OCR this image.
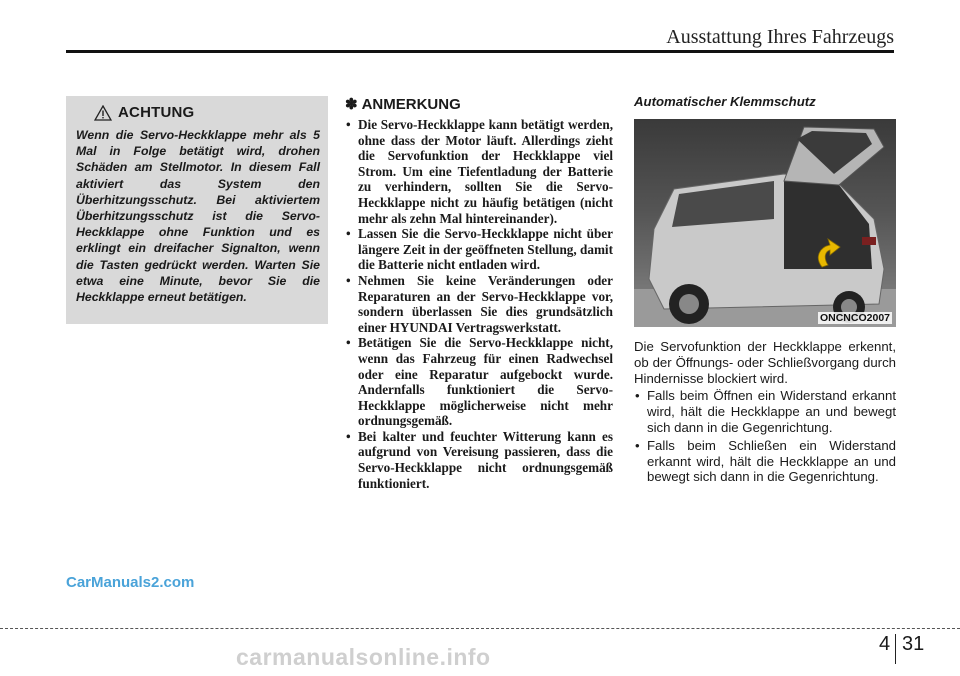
Ausstattung Ihres Fahrzeugs
ACHTUNG
Wenn die Servo-Heckklappe mehr als 5 Mal in Folge betätigt wird, drohen Schäden am Stellmotor. In diesem Fall aktiviert das System den Überhitzungsschutz. Bei aktiviertem Überhitzungsschutz ist die Servo-Heckklappe ohne Funktion und es erklingt ein dreifacher Signalton, wenn die Tasten gedrückt werden. Warten Sie etwa eine Minute, bevor Sie die Heckklappe erneut betätigen.
✽ ANMERKUNG
• Die Servo-Heckklappe kann betätigt werden, ohne dass der Motor läuft. Allerdings zieht die Servofunktion der Heckklappe viel Strom. Um eine Tiefentladung der Batterie zu verhindern, sollten Sie die Servo-Heckklappe nicht zu häufig betätigen (nicht mehr als zehn Mal hintereinander).
• Lassen Sie die Servo-Heckklappe nicht über längere Zeit in der geöffneten Stellung, damit die Batterie nicht entladen wird.
• Nehmen Sie keine Veränderungen oder Reparaturen an der Servo-Heckklappe vor, sondern überlassen Sie dies grundsätzlich einer HYUNDAI Vertragswerkstatt.
• Betätigen Sie die Servo-Heckklappe nicht, wenn das Fahrzeug für einen Radwechsel oder eine Reparatur aufgebockt wurde. Andernfalls funktioniert die Servo-Heckklappe möglicherweise nicht mehr ordnungsgemäß.
• Bei kalter und feuchter Witterung kann es aufgrund von Vereisung passieren, dass die Servo-Heckklappe nicht ordnungsgemäß funktioniert.
Automatischer Klemmschutz
ONCNCO2007
Die Servofunktion der Heckklappe erkennt, ob der Öffnungs- oder Schließvorgang durch Hindernisse blockiert wird.
• Falls beim Öffnen ein Widerstand erkannt wird, hält die Heckklappe an und bewegt sich dann in die Gegenrichtung.
• Falls beim Schließen ein Widerstand erkannt wird, hält die Heckklappe an und bewegt sich dann in die Gegenrichtung.
CarManuals2.com
4 31
carmanualsonline.info
